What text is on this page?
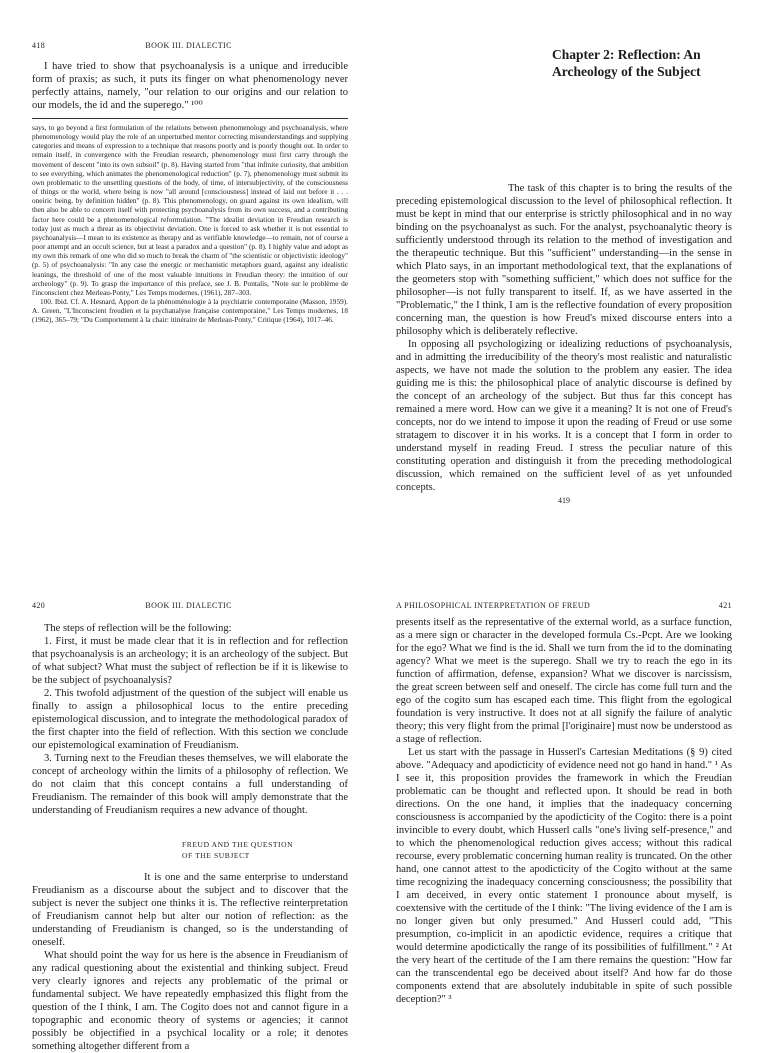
418	BOOK III. DIALECTIC

I have tried to show that psychoanalysis is a unique and irreducible form of praxis; as such, it puts its finger on what phenomenology never perfectly attains, namely, "our relation to our origins and our relation to our models, the id and the superego." ¹⁰⁰

says, to go beyond a first formulation of the relations between phenomenology and psychoanalysis, where phenomenology would play the role of an unperturbed mentor correcting misunderstandings and supplying categories and means of expression to a technique that reasons poorly and is poorly thought out. In order to remain itself, in convergence with the Freudian research, phenomenology must first carry through the movement of descent "into its own subsoil" (p. 8). Having started from "that infinite curiosity, that ambition to see everything, which animates the phenomenological reduction" (p. 7), phenomenology must submit its own problematic to the unsettling questions of the body, of time, of intersubjectivity, of the consciousness of things or the world, where being is now "all around [consciousness] instead of laid out before it . . . oneiric being, by definition hidden" (p. 8). This phenomenology, on guard against its own idealism, will then also be able to concern itself with protecting psychoanalysis from its own success, and a contributing factor here could be a phenomenological reformulation. "The idealist deviation in Freudian research is today just as much a threat as its objectivist deviation. One is forced to ask whether it is not essential to psychoanalysis—I mean to its existence as therapy and as verifiable knowledge—to remain, not of course a poor attempt and an occult science, but at least a paradox and a question" (p. 8). I highly value and adopt as my own this remark of one who did so much to break the charm of "the scientistic or objectivistic ideology" (p. 5) of psychoanalysis: "In any case the energic or mechanistic metaphors guard, against any idealistic leanings, the threshold of one of the most valuable intuitions in Freudian theory: the intuition of our archeology" (p. 9). To grasp the importance of this preface, see J. B. Pontalis, "Note sur le problème de l'inconscient chez Merleau-Ponty," Les Temps modernes, (1961), 287–303.

100. Ibid. Cf. A. Hesnard, Apport de la phénoménologie à la psychiatrie contemporaine (Masson, 1959). A. Green, "L'Inconscient freudien et la psychanalyse française contemporaine," Les Temps modernes, 18 (1962), 365–79; "Du Comportement à la chair: itinéraire de Merleau-Ponty," Critique (1964), 1017–46.

Chapter 2: Reflection: An Archeology of the Subject

The task of this chapter is to bring the results of the preceding epistemological discussion to the level of philosophical reflection. It must be kept in mind that our enterprise is strictly philosophical and in no way binding on the psychoanalyst as such. For the analyst, psychoanalytic theory is sufficiently understood through its relation to the method of investigation and the therapeutic technique. But this "sufficient" understanding—in the sense in which Plato says, in an important methodological text, that the explanations of the geometers stop with "something sufficient," which does not suffice for the philosopher—is not fully transparent to itself. If, as we have asserted in the "Problematic," the I think, I am is the reflective foundation of every proposition concerning man, the question is how Freud's mixed discourse enters into a philosophy which is deliberately reflective.

In opposing all psychologizing or idealizing reductions of psychoanalysis, and in admitting the irreducibility of the theory's most realistic and naturalistic aspects, we have not made the solution to the problem any easier. The idea guiding me is this: the philosophical place of analytic discourse is defined by the concept of an archeology of the subject. But thus far this concept has remained a mere word. How can we give it a meaning? It is not one of Freud's concepts, nor do we intend to impose it upon the reading of Freud or use some stratagem to discover it in his works. It is a concept that I form in order to understand myself in reading Freud. I stress the peculiar nature of this constituting operation and distinguish it from the preceding methodological discussion, which remained on the sufficient level of as yet unfounded concepts.

419
420	BOOK III. DIALECTIC

The steps of reflection will be the following:

1. First, it must be made clear that it is in reflection and for reflection that psychoanalysis is an archeology; it is an archeology of the subject. But of what subject? What must the subject of reflection be if it is likewise to be the subject of psychoanalysis?

2. This twofold adjustment of the question of the subject will enable us finally to assign a philosophical locus to the entire preceding epistemological discussion, and to integrate the methodological paradox of the first chapter into the field of reflection. With this section we conclude our epistemological examination of Freudianism.

3. Turning next to the Freudian theses themselves, we will elaborate the concept of archeology within the limits of a philosophy of reflection. We do not claim that this concept contains a full understanding of Freudianism. The remainder of this book will amply demonstrate that the understanding of Freudianism requires a new advance of thought.

FREUD AND THE QUESTION
OF THE SUBJECT

It is one and the same enterprise to understand Freudianism as a discourse about the subject and to discover that the subject is never the subject one thinks it is. The reflective reinterpretation of Freudianism cannot help but alter our notion of reflection: as the understanding of Freudianism is changed, so is the understanding of oneself.

What should point the way for us here is the absence in Freudianism of any radical questioning about the existential and thinking subject. Freud very clearly ignores and rejects any problematic of the primal or fundamental subject. We have repeatedly emphasized this flight from the question of the I think, I am. The Cogito does not and cannot figure in a topographic and economic theory of systems or agencies; it cannot possibly be objectified in a psychical locality or a role; it denotes something altogether different from a

A PHILOSOPHICAL INTERPRETATION OF FREUD	421

presents itself as the representative of the external world, as a surface function, as a mere sign or character in the developed formula Cs.-Pcpt. Are we looking for the ego? What we find is the id. Shall we turn from the id to the dominating agency? What we meet is the superego. Shall we try to reach the ego in its function of affirmation, defense, expansion? What we discover is narcissism, the great screen between self and oneself. The circle has come full turn and the ego of the cogito sum has escaped each time. This flight from the egological foundation is very instructive. It does not at all signify the failure of analytic theory; this very flight from the primal [l'originaire] must now be understood as a stage of reflection.

Let us start with the passage in Husserl's Cartesian Meditations (§ 9) cited above. "Adequacy and apodicticity of evidence need not go hand in hand." ¹ As I see it, this proposition provides the framework in which the Freudian problematic can be thought and reflected upon. It should be read in both directions. On the one hand, it implies that the inadequacy concerning consciousness is accompanied by the apodicticity of the Cogito: there is a point invincible to every doubt, which Husserl calls "one's living self-presence," and to which the phenomenological reduction gives access; without this radical recourse, every problematic concerning human reality is truncated. On the other hand, one cannot attest to the apodicticity of the Cogito without at the same time recognizing the inadequacy concerning consciousness; the possibility that I am deceived, in every ontic statement I pronounce about myself, is coextensive with the certitude of the I think: "The living evidence of the I am is no longer given but only presumed." And Husserl could add, "This presumption, co-implicit in an apodictic evidence, requires a critique that would determine apodictically the range of its possibilities of fulfillment." ² At the very heart of the certitude of the I am there remains the question: "How far can the transcendental ego be deceived about itself? And how far do those components extend that are absolutely indubitable in spite of such possible deception?" ³
